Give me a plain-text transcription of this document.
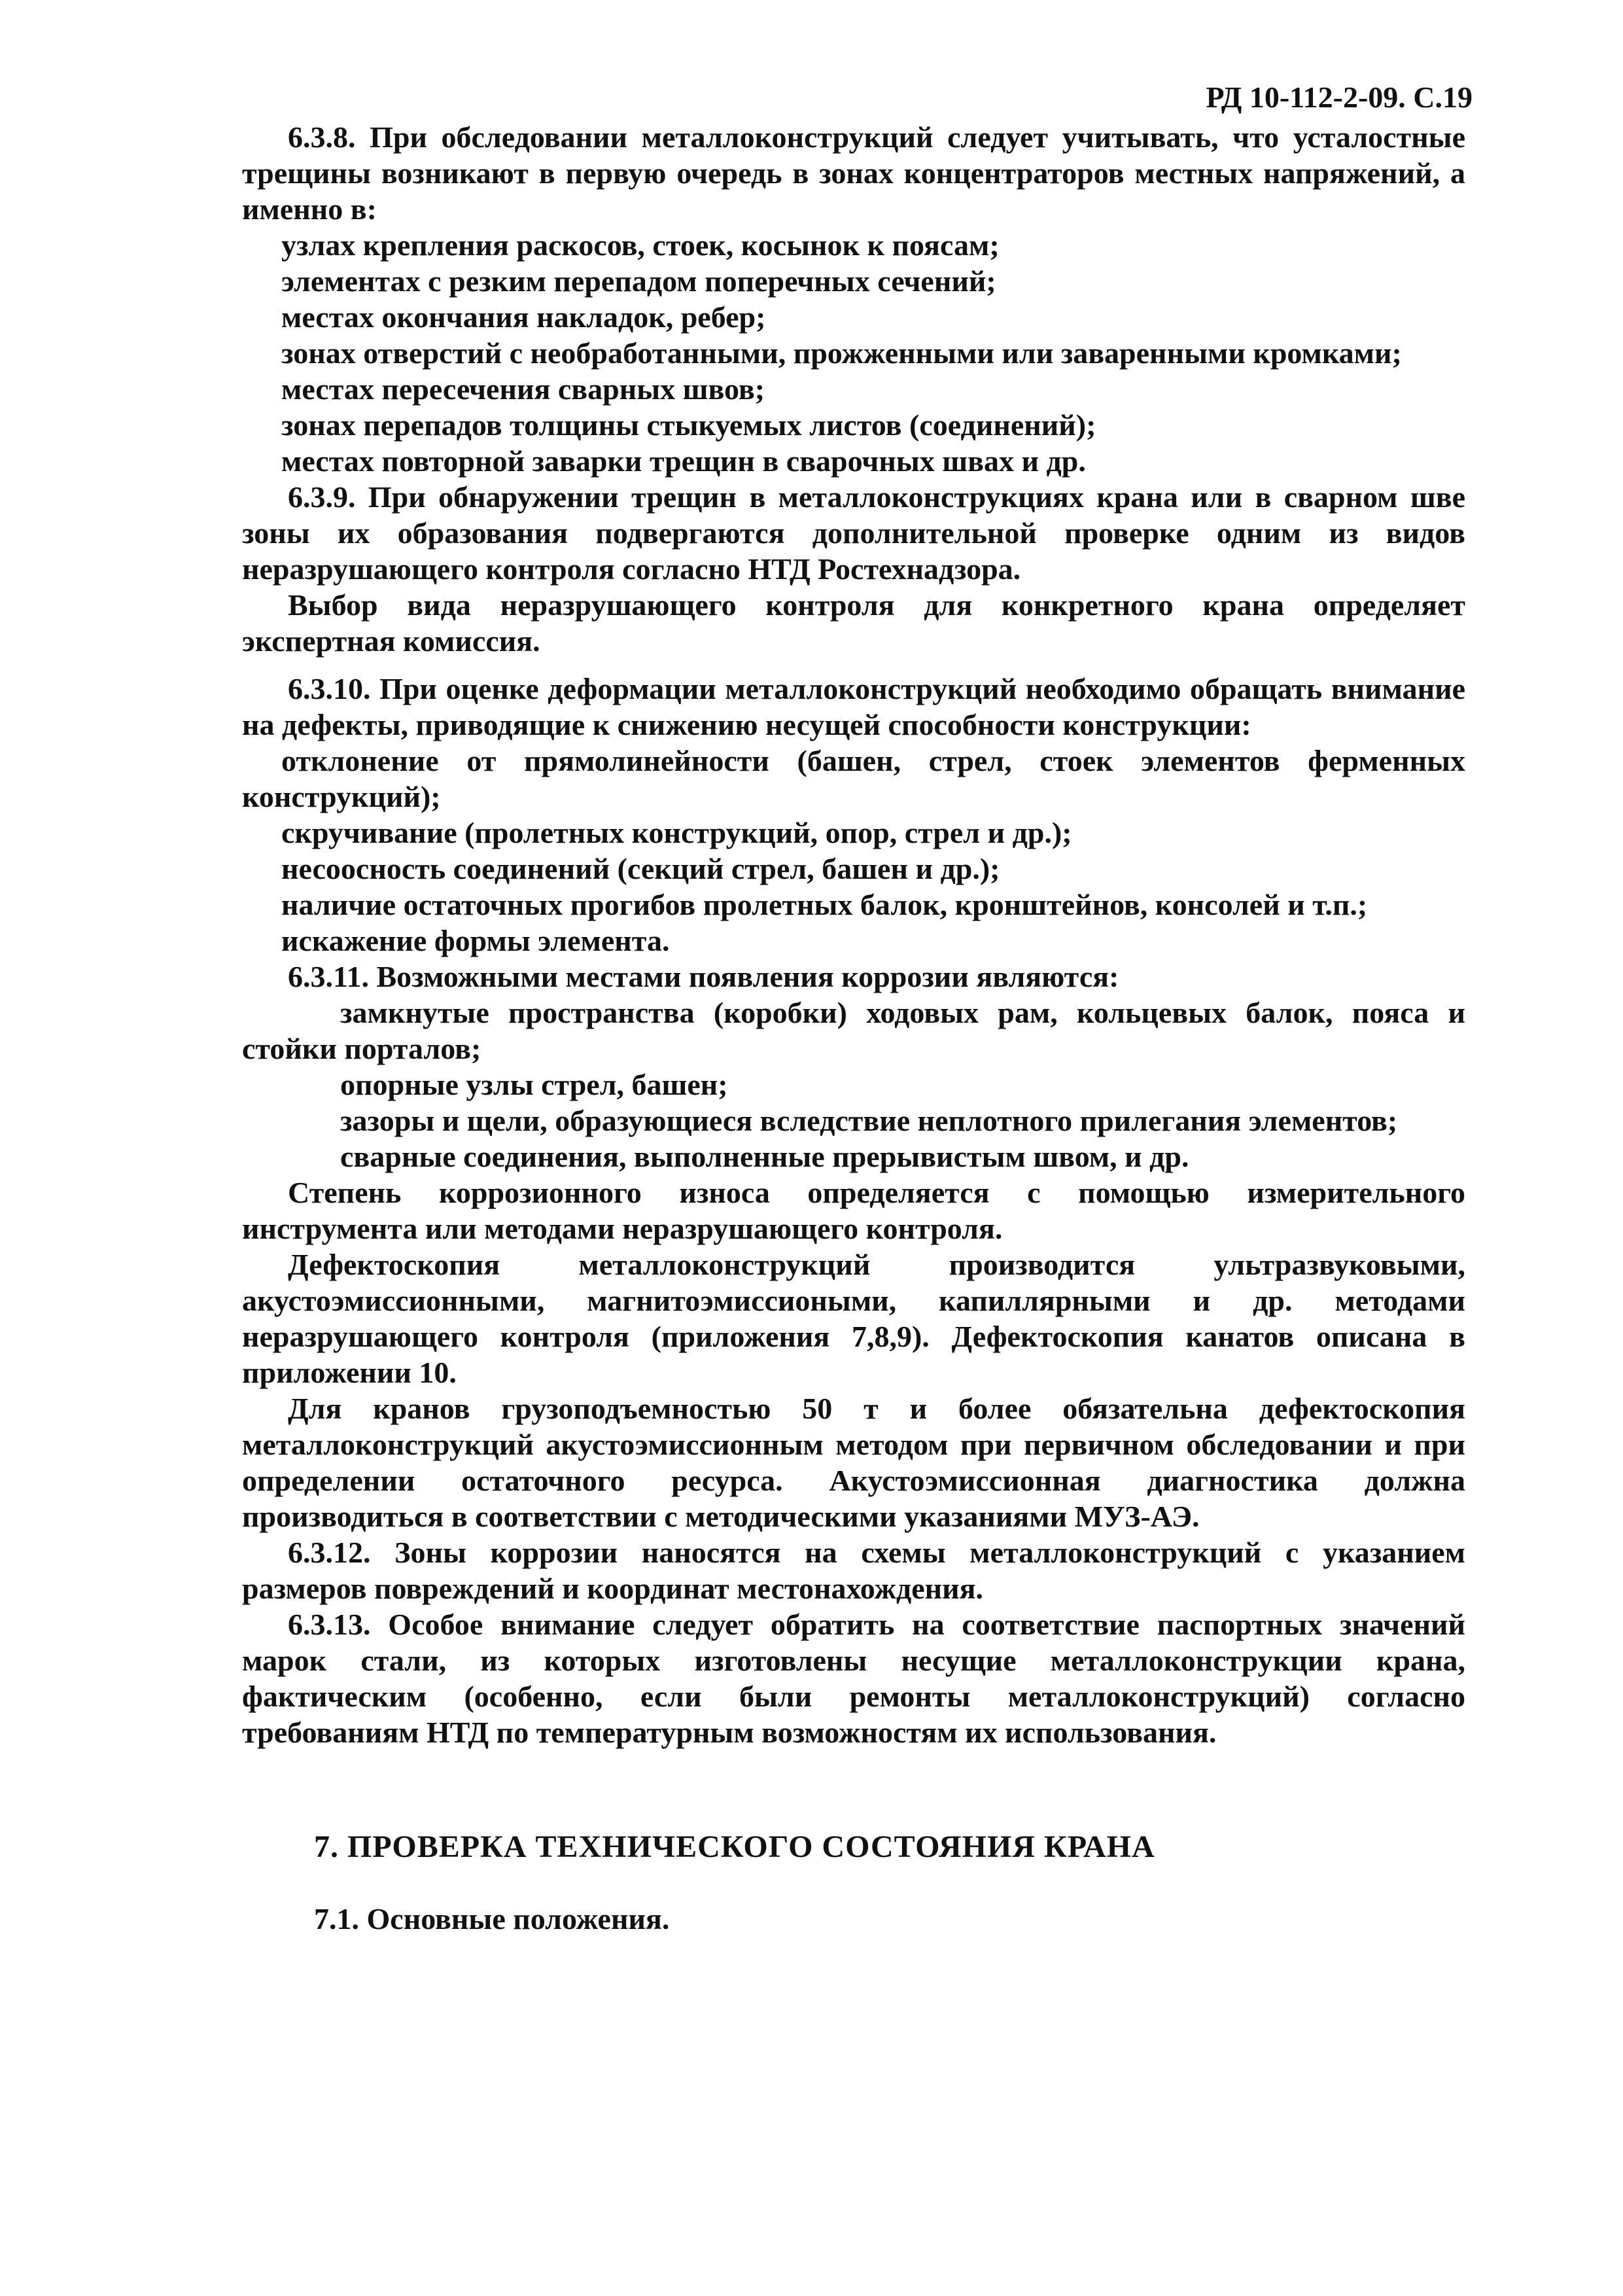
РД 10-112-2-09. С.19

6.3.8. При обследовании металлоконструкций следует учитывать, что усталостные трещины возникают в первую очередь в зонах концентраторов местных напряжений, а именно в:

узлах крепления раскосов, стоек, косынок к поясам;

элементах с резким перепадом поперечных сечений;

местах окончания накладок, ребер;

зонах отверстий с необработанными, прожженными или заваренными кромками;

местах пересечения сварных швов;

зонах перепадов толщины стыкуемых листов (соединений);

местах повторной заварки трещин в сварочных швах и др.

6.3.9. При обнаружении трещин в металлоконструкциях крана или в сварном шве зоны их образования подвергаются дополнительной проверке одним из видов неразрушающего контроля согласно НТД Ростехнадзора.

Выбор вида неразрушающего контроля для конкретного крана определяет экспертная комиссия.

6.3.10. При оценке деформации металлоконструкций необходимо обращать внимание на дефекты, приводящие к снижению несущей способности конструкции:

отклонение от прямолинейности (башен, стрел, стоек элементов ферменных конструкций);

скручивание (пролетных конструкций, опор, стрел и др.);

несоосность соединений (секций стрел, башен и др.);

наличие остаточных прогибов пролетных балок, кронштейнов, консолей и т.п.;

искажение формы элемента.

6.3.11. Возможными местами появления коррозии являются:

замкнутые пространства (коробки) ходовых рам, кольцевых балок, пояса и стойки порталов;

опорные узлы стрел, башен;

зазоры и щели, образующиеся вследствие неплотного прилегания элементов;

сварные соединения, выполненные прерывистым швом, и др.

Степень коррозионного износа определяется с помощью измерительного инструмента или методами неразрушающего контроля.

Дефектоскопия металлоконструкций производится ультразвуковыми, акустоэмиссионными, магнитоэмиссиоными, капиллярными и др. методами неразрушающего контроля (приложения 7,8,9). Дефектоскопия канатов описана в приложении 10.

Для кранов грузоподъемностью 50 т и более обязательна дефектоскопия металлоконструкций акустоэмиссионным методом при первичном обследовании и при определении остаточного ресурса. Акустоэмиссионная диагностика должна производиться в соответствии с методическими указаниями МУЗ-АЭ.

6.3.12. Зоны коррозии наносятся на схемы металлоконструкций с указанием размеров повреждений и координат местонахождения.

6.3.13. Особое внимание следует обратить на соответствие паспортных значений марок стали, из которых изготовлены несущие металлоконструкции крана, фактическим (особенно, если были ремонты металлоконструкций) согласно требованиям НТД по температурным возможностям их использования.

7. ПРОВЕРКА ТЕХНИЧЕСКОГО СОСТОЯНИЯ КРАНА

7.1. Основные положения.
